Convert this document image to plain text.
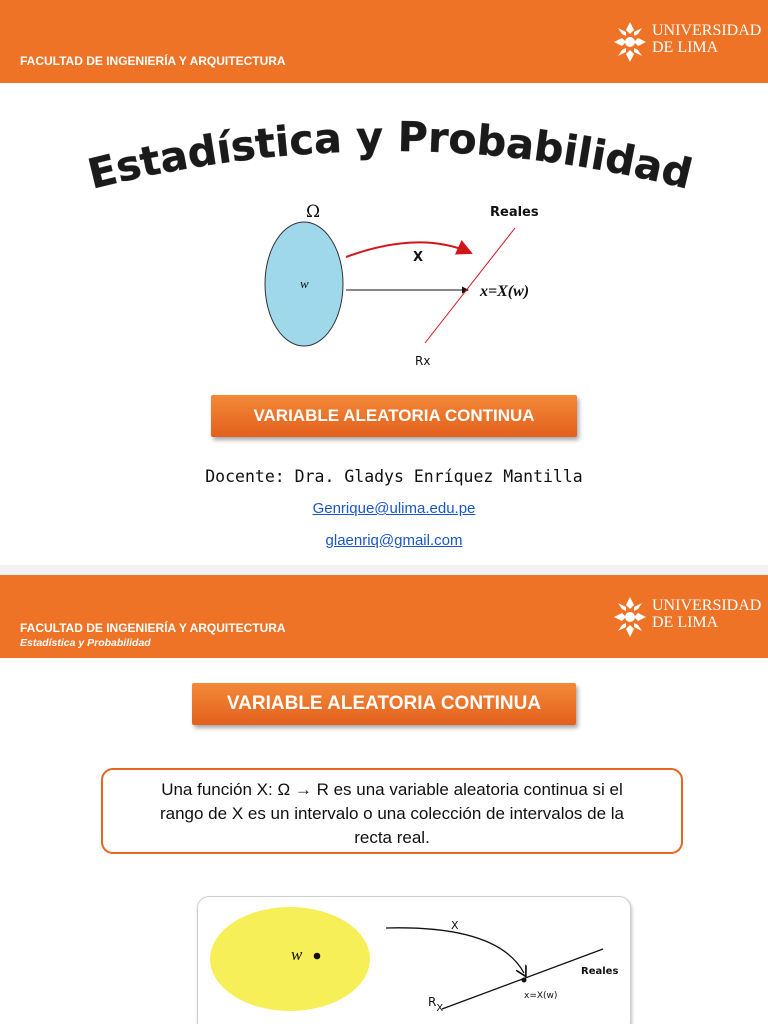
FACULTAD DE INGENIERÍA Y ARQUITECTURA
UNIVERSIDAD
DE LIMA
Estadística y Probabilidad
Ω
w
X
Reales
x=X(w)
Rx
VARIABLE ALEATORIA CONTINUA
Docente: Dra. Gladys Enríquez Mantilla
Genrique@ulima.edu.pe
glaenriq@gmail.com
FACULTAD DE INGENIERÍA Y ARQUITECTURA
Estadística y Probabilidad
UNIVERSIDAD
DE LIMA
VARIABLE ALEATORIA CONTINUA
Una función X: Ω → R es una variable aleatoria continua si el
rango de X es un intervalo o una colección de intervalos de la
recta real.
w
X
Reales
x=X(w)
$R_X$
